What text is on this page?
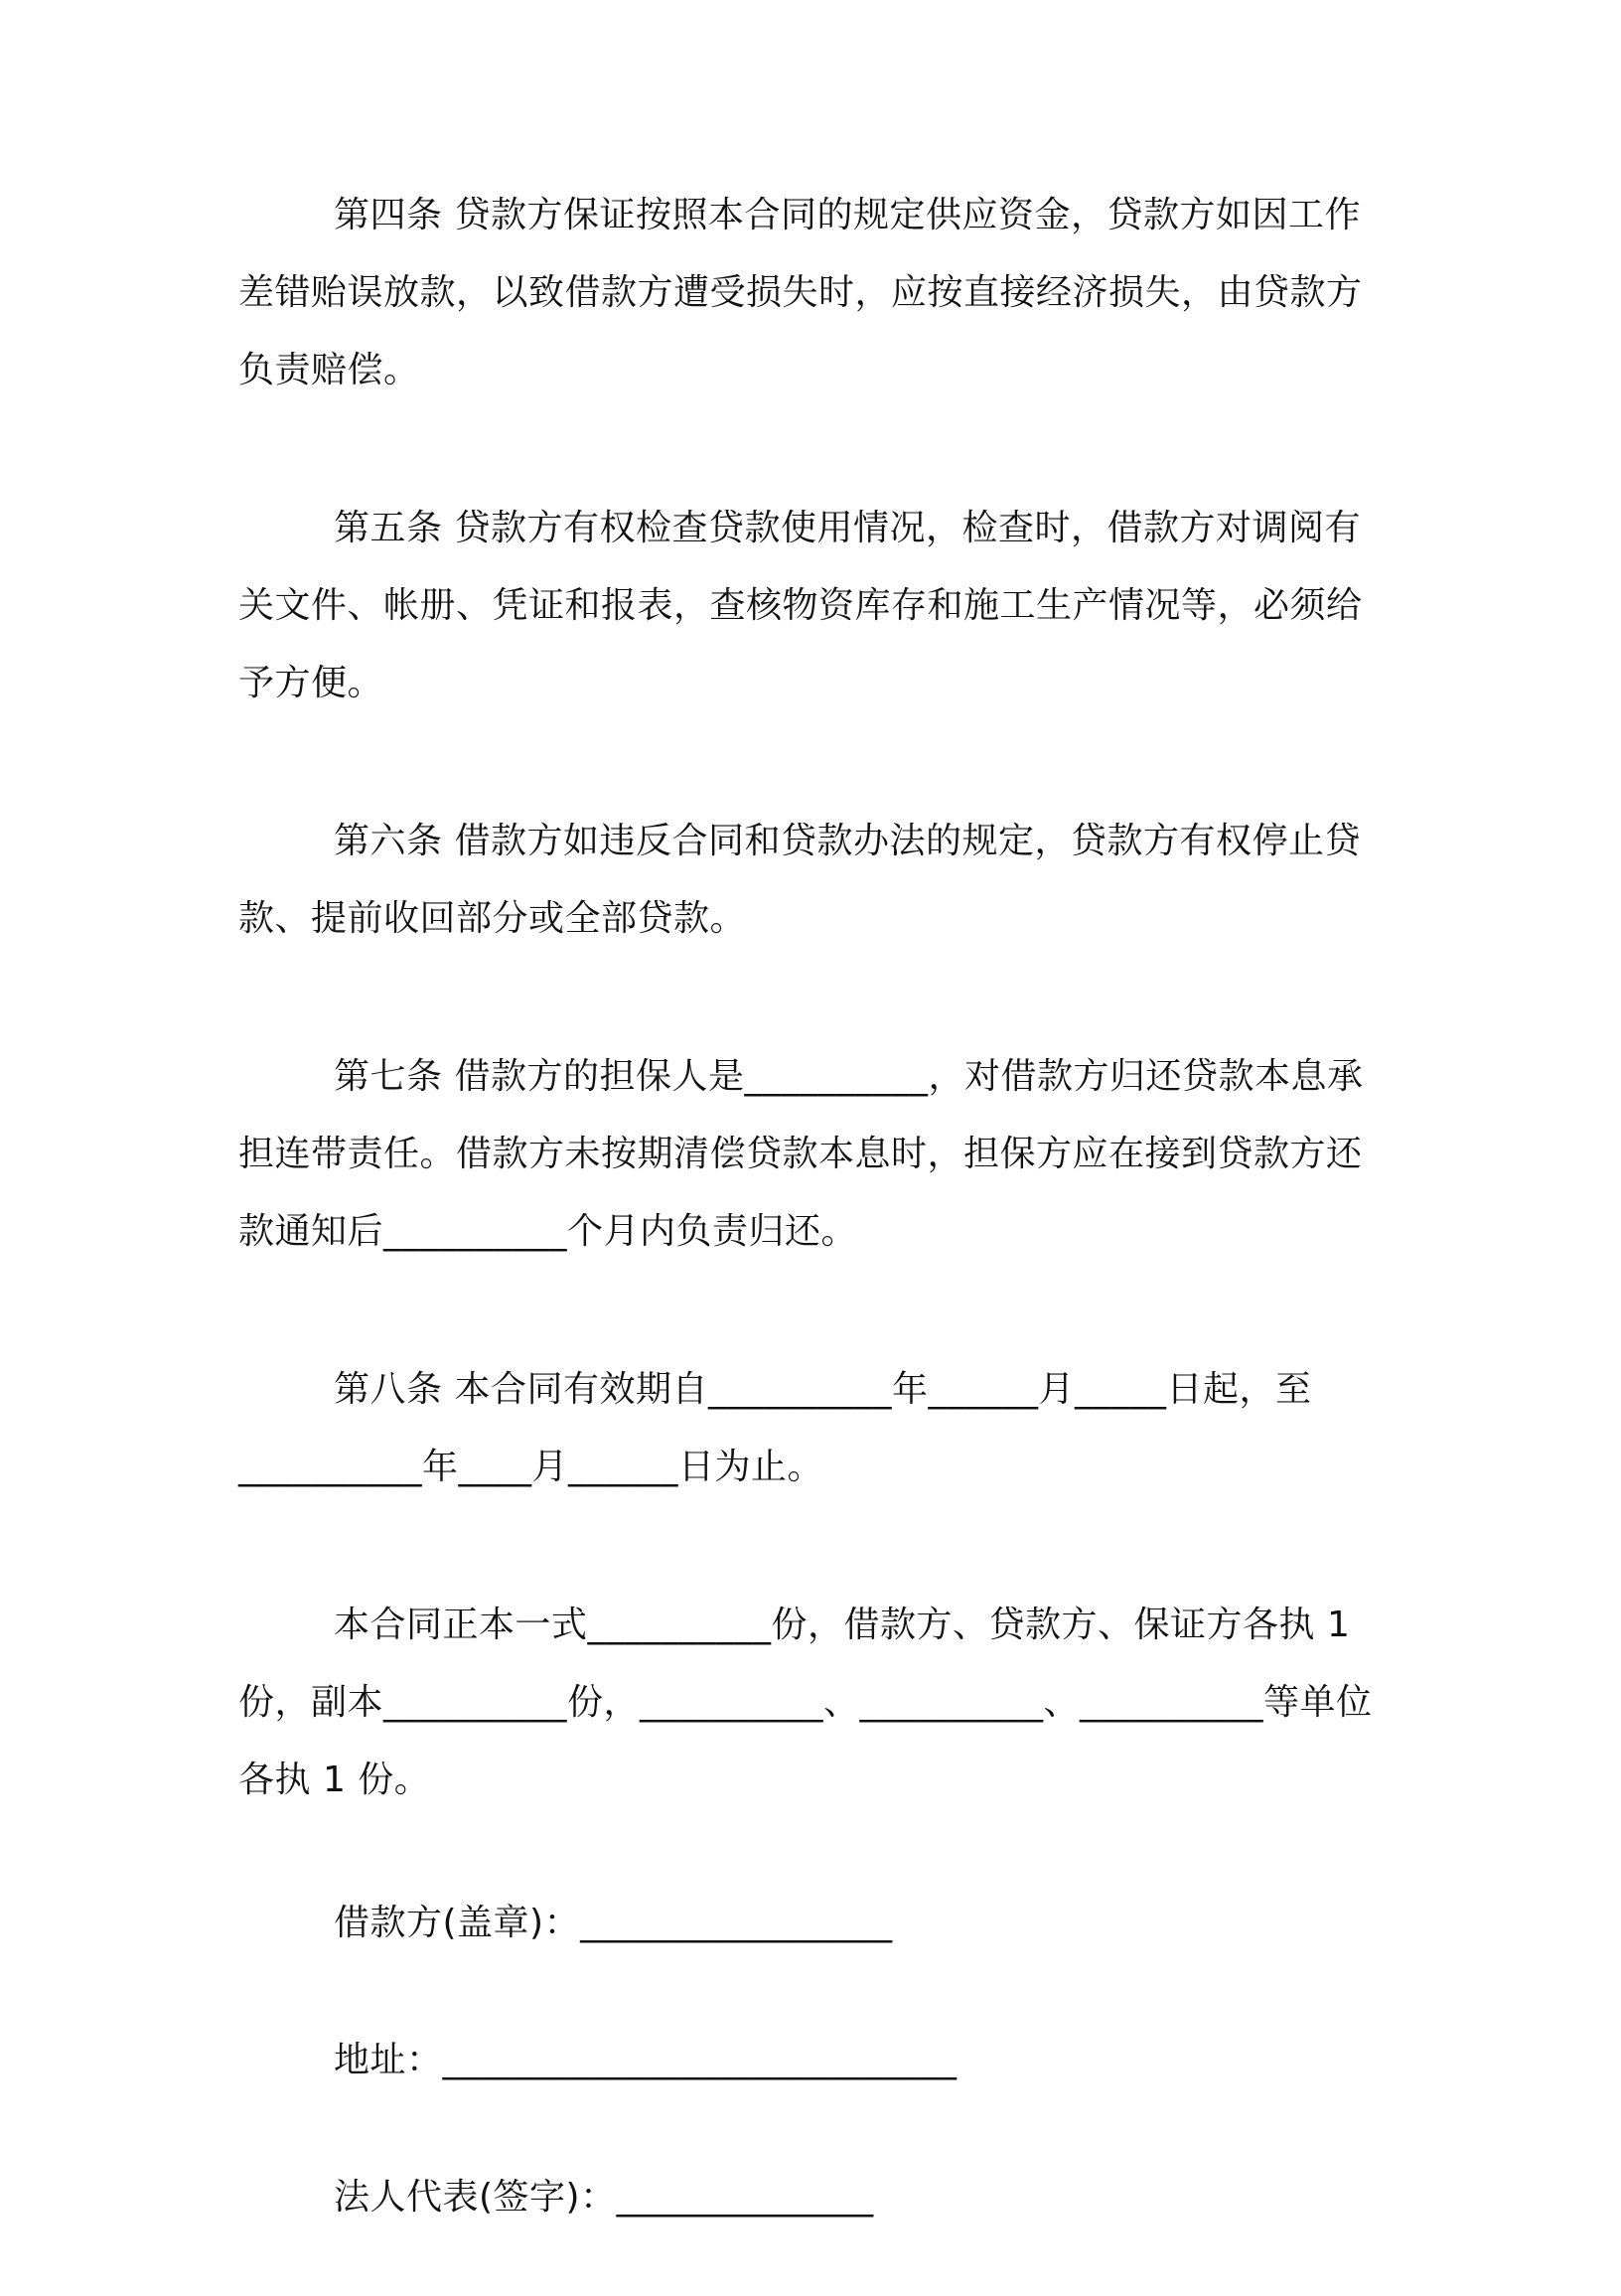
第四条 贷款方保证按照本合同的规定供应资金，贷款方如因工作差错贻误放款，以致借款方遭受损失时，应按直接经济损失，由贷款方负责赔偿。

第五条 贷款方有权检查贷款使用情况，检查时，借款方对调阅有关文件、帐册、凭证和报表，查核物资库存和施工生产情况等，必须给予方便。

第六条 借款方如违反合同和贷款办法的规定，贷款方有权停止贷款、提前收回部分或全部贷款。

第七条 借款方的担保人是__________，对借款方归还贷款本息承担连带责任。借款方未按期清偿贷款本息时，担保方应在接到贷款方还款通知后__________个月内负责归还。

第八条 本合同有效期自__________年______月_____日起，至__________年____月______日为止。

本合同正本一式__________份，借款方、贷款方、保证方各执 1 份，副本__________份，__________、__________、__________等单位各执 1 份。

借款方(盖章)：_________________
地址：____________________________
法人代表(签字)：______________
